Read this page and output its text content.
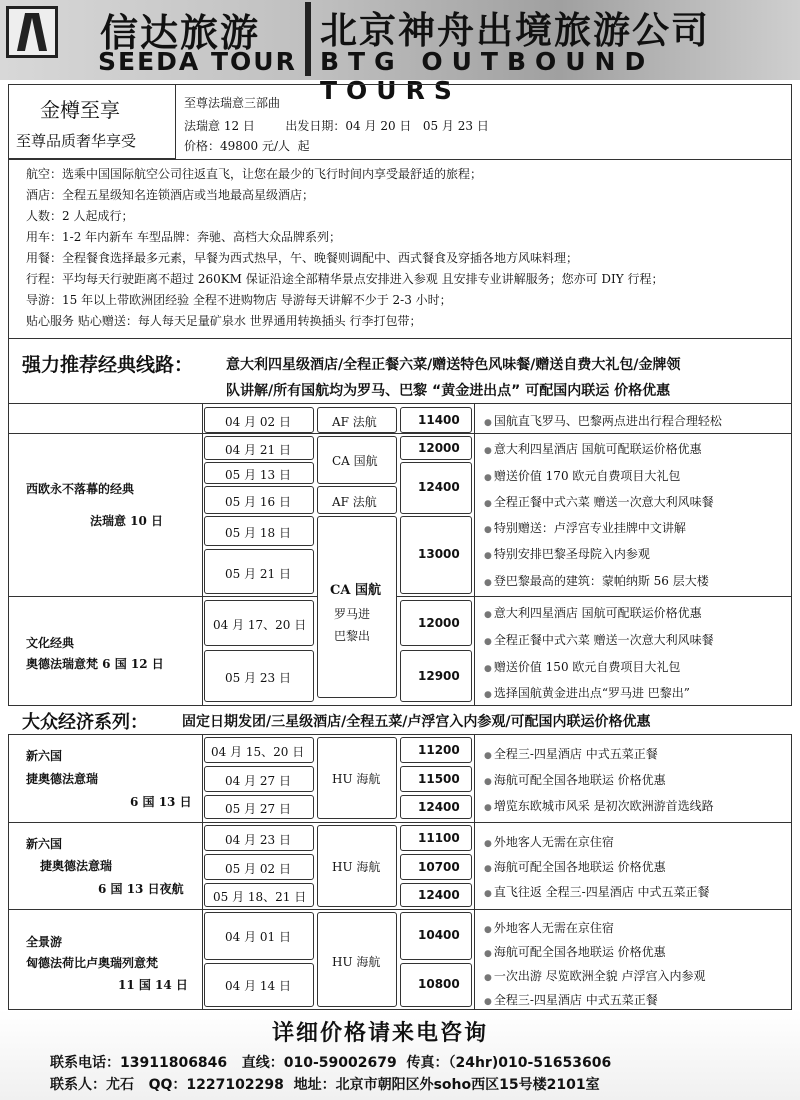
信达旅游
SEEDA TOUR
北京神舟出境旅游公司
BTG OUTBOUND TOURS
金樽至享
至尊品质奢华享受
至尊法瑞意三部曲
法瑞意 12 日        出发日期：04 月 20 日   05 月 23 日
价格：49800 元/人  起
航空：选乘中国国际航空公司往返直飞，让您在最少的飞行时间内享受最舒适的旅程；
酒店：全程五星级知名连锁酒店或当地最高星级酒店；
人数：2 人起成行；
用车：1-2 年内新车 车型品牌：奔驰、高档大众品牌系列；
用餐：全程餐食选择最多元素，早餐为西式热早，午、晚餐则调配中、西式餐食及穿插各地方风味料理；
行程：平均每天行驶距离不超过 260KM 保证沿途全部精华景点安排进入参观 且安排专业讲解服务；您亦可 DIY 行程；
导游：15 年以上带欧洲团经验 全程不进购物店 导游每天讲解不少于 2-3 小时；
贴心服务 贴心赠送：每人每天足量矿泉水 世界通用转换插头 行李打包带；
强力推荐经典线路： 意大利四星级酒店/全程正餐六菜/赠送特色风味餐/赠送自费大礼包/金牌领
队讲解/所有国航均为罗马、巴黎 “黄金进出点” 可配国内联运 价格优惠
西欧永不落幕的经典
法瑞意 10 日
04 月 02 日
04 月 21 日
05 月 13 日
05 月 16 日
05 月 18 日
05 月 21 日
AF 法航
CA 国航
AF 法航
CA 国航
罗马进
巴黎出
11400
12000
12400
13000
● 国航直飞罗马、巴黎两点进出行程合理轻松
● 意大利四星酒店 国航可配联运价格优惠
● 赠送价值 170 欧元自费项目大礼包
● 全程正餐中式六菜 赠送一次意大利风味餐
● 特别赠送：卢浮宫专业挂牌中文讲解
● 特别安排巴黎圣母院入内参观
● 登巴黎最高的建筑：蒙帕纳斯 56 层大楼
文化经典
奥德法瑞意梵 6 国 12 日
04 月 17、20 日
05 月 23 日
12000
12900
● 意大利四星酒店 国航可配联运价格优惠
● 全程正餐中式六菜 赠送一次意大利风味餐
● 赠送价值 150 欧元自费项目大礼包
● 选择国航黄金进出点“罗马进 巴黎出”
大众经济系列： 固定日期发团/三星级酒店/全程五菜/卢浮宫入内参观/可配国内联运价格优惠
新六国
捷奥德法意瑞
6 国 13 日
04 月 15、20 日
04 月 27 日
05 月 27 日
HU 海航
11200
11500
12400
● 全程三-四星酒店 中式五菜正餐
● 海航可配全国各地联运 价格优惠
● 增览东欧城市风采 是初次欧洲游首选线路
新六国
捷奥德法意瑞
6 国 13 日夜航
04 月 23 日
05 月 02 日
05 月 18、21 日
HU 海航
11100
10700
12400
● 外地客人无需在京住宿
● 海航可配全国各地联运 价格优惠
● 直飞往返 全程三-四星酒店 中式五菜正餐
全景游
匈德法荷比卢奥瑞列意梵
11 国 14 日
04 月 01 日
04 月 14 日
HU 海航
10400
10800
● 外地客人无需在京住宿
● 海航可配全国各地联运 价格优惠
● 一次出游 尽览欧洲全貌 卢浮宫入内参观
● 全程三-四星酒店 中式五菜正餐
详细价格请来电咨询
联系电话：13911806846   直线：010-59002679  传真：（24hr)010-51653606
联系人：尤石   QQ：1227102298  地址：北京市朝阳区外soho西区15号楼2101室
